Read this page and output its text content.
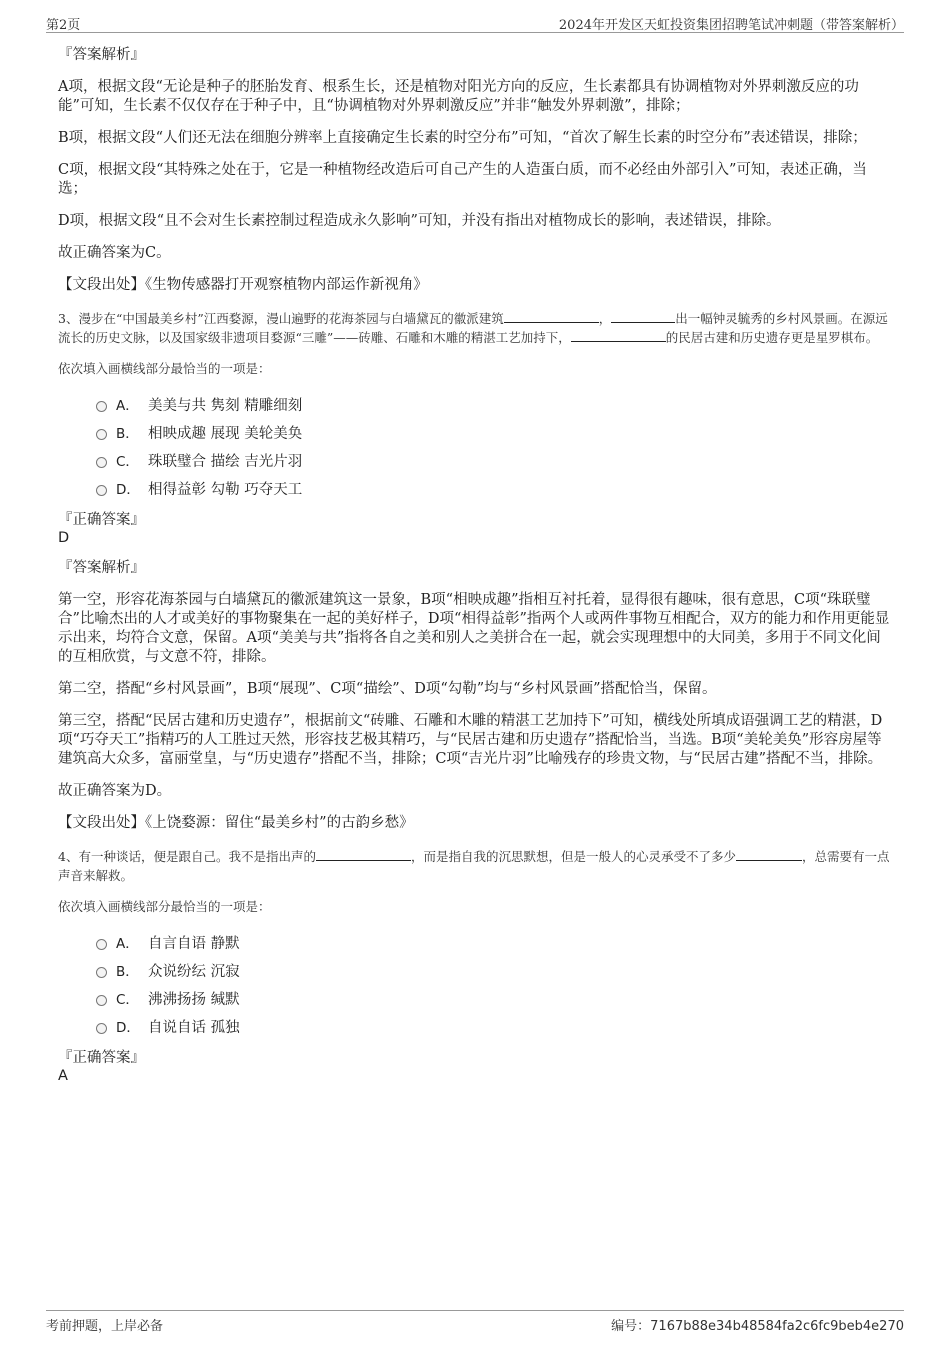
第2页	2024年开发区天虹投资集团招聘笔试冲刺题（带答案解析）
『答案解析』

A项，根据文段“无论是种子的胚胎发育、根系生长，还是植物对阳光方向的反应，生长素都具有协调植物对外界刺激反应的功能”可知，生长素不仅仅存在于种子中，且“协调植物对外界刺激反应”并非“触发外界刺激”，排除；

B项，根据文段“人们还无法在细胞分辨率上直接确定生长素的时空分布”可知，“首次了解生长素的时空分布”表述错误，排除；

C项，根据文段“其特殊之处在于，它是一种植物经改造后可自己产生的人造蛋白质，而不必经由外部引入”可知，表述正确，当选；

D项，根据文段“且不会对生长素控制过程造成永久影响”可知，并没有指出对植物成长的影响，表述错误，排除。

故正确答案为C。

【文段出处】《生物传感器打开观察植物内部运作新视角》

3、漫步在“中国最美乡村”江西婺源，漫山遍野的花海茶园与白墙黛瓦的徽派建筑	，	出一幅钟灵毓秀的乡村风景画。在源远流长的历史文脉，以及国家级非遗项目婺源“三雕”——砖雕、石雕和木雕的精湛工艺加持下，	的民居古建和历史遗存更是星罗棋布。

依次填入画横线部分最恰当的一项是：

A． 美美与共 隽刻 精雕细刻
B． 相映成趣 展现 美轮美奂
C． 珠联璧合 描绘 吉光片羽
D． 相得益彰 勾勒 巧夺天工
『正确答案』
D
『答案解析』

第一空，形容花海茶园与白墙黛瓦的徽派建筑这一景象，B项“相映成趣”指相互衬托着，显得很有趣味，很有意思，C项“珠联璧合”比喻杰出的人才或美好的事物聚集在一起的美好样子，D项“相得益彰”指两个人或两件事物互相配合，双方的能力和作用更能显示出来，均符合文意，保留。A项“美美与共”指将各自之美和别人之美拼合在一起，就会实现理想中的大同美，多用于不同文化间的互相欣赏，与文意不符，排除。

第二空，搭配“乡村风景画”，B项“展现”、C项“描绘”、D项“勾勒”均与“乡村风景画”搭配恰当，保留。

第三空，搭配“民居古建和历史遗存”，根据前文“砖雕、石雕和木雕的精湛工艺加持下”可知，横线处所填成语强调工艺的精湛，D项“巧夺天工”指精巧的人工胜过天然，形容技艺极其精巧，与“民居古建和历史遗存”搭配恰当，当选。B项“美轮美奂”形容房屋等建筑高大众多，富丽堂皇，与“历史遗存”搭配不当，排除；C项“吉光片羽”比喻残存的珍贵文物，与“民居古建”搭配不当，排除。

故正确答案为D。

【文段出处】《上饶婺源：留住“最美乡村”的古韵乡愁》

4、有一种谈话，便是跟自己。我不是指出声的	，而是指自我的沉思默想，但是一般人的心灵承受不了多少	，总需要有一点声音来解救。

依次填入画横线部分最恰当的一项是：

A． 自言自语 静默
B． 众说纷纭 沉寂
C． 沸沸扬扬 缄默
D． 自说自话 孤独
『正确答案』
A
考前押题，上岸必备	编号：7167b88e34b48584fa2c6fc9beb4e270
